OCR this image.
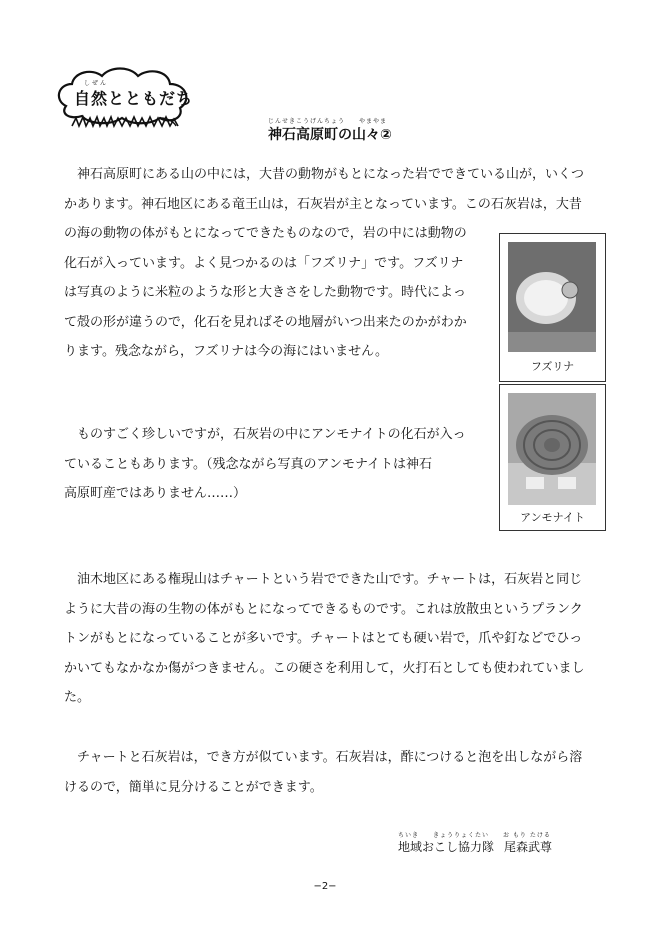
しぜん
自然とともだち
じんせきこうげんちょう　　やまやま
神石高原町の山々②
神石高原町にある山の中には，大昔の動物がもとになった岩でできている山が，いくつ
かあります。神石地区にある竜王山は，石灰岩が主となっています。この石灰岩は，大昔
の海の動物の体がもとになってできたものなので，岩の中には動物の
化石が入っています。よく見つかるのは「フズリナ」です。フズリナ
は写真のように米粒のような形と大きさをした動物です。時代によっ
て殻の形が違うので，化石を見ればその地層がいつ出来たのかがわか
ります。残念ながら，フズリナは今の海にはいません。
ものすごく珍しいですが，石灰岩の中にアンモナイトの化石が入っ
ていることもあります。（残念ながら写真のアンモナイトは神石
高原町産ではありません……）
油木地区にある権現山はチャートという岩でできた山です。チャートは，石灰岩と同じ
ように大昔の海の生物の体がもとになってできるものです。これは放散虫というプランク
トンがもとになっていることが多いです。チャートはとても硬い岩で，爪や釘などでひっ
かいてもなかなか傷がつきません。この硬さを利用して，火打石としても使われていまし
た。
チャートと石灰岩は，でき方が似ています。石灰岩は，酢につけると泡を出しながら溶
けるので，簡単に見分けることができます。
フズリナ
アンモナイト
ちいき　　きょうりょくたい　　お もり たける
地域おこし協力隊 尾森武尊
−2−
